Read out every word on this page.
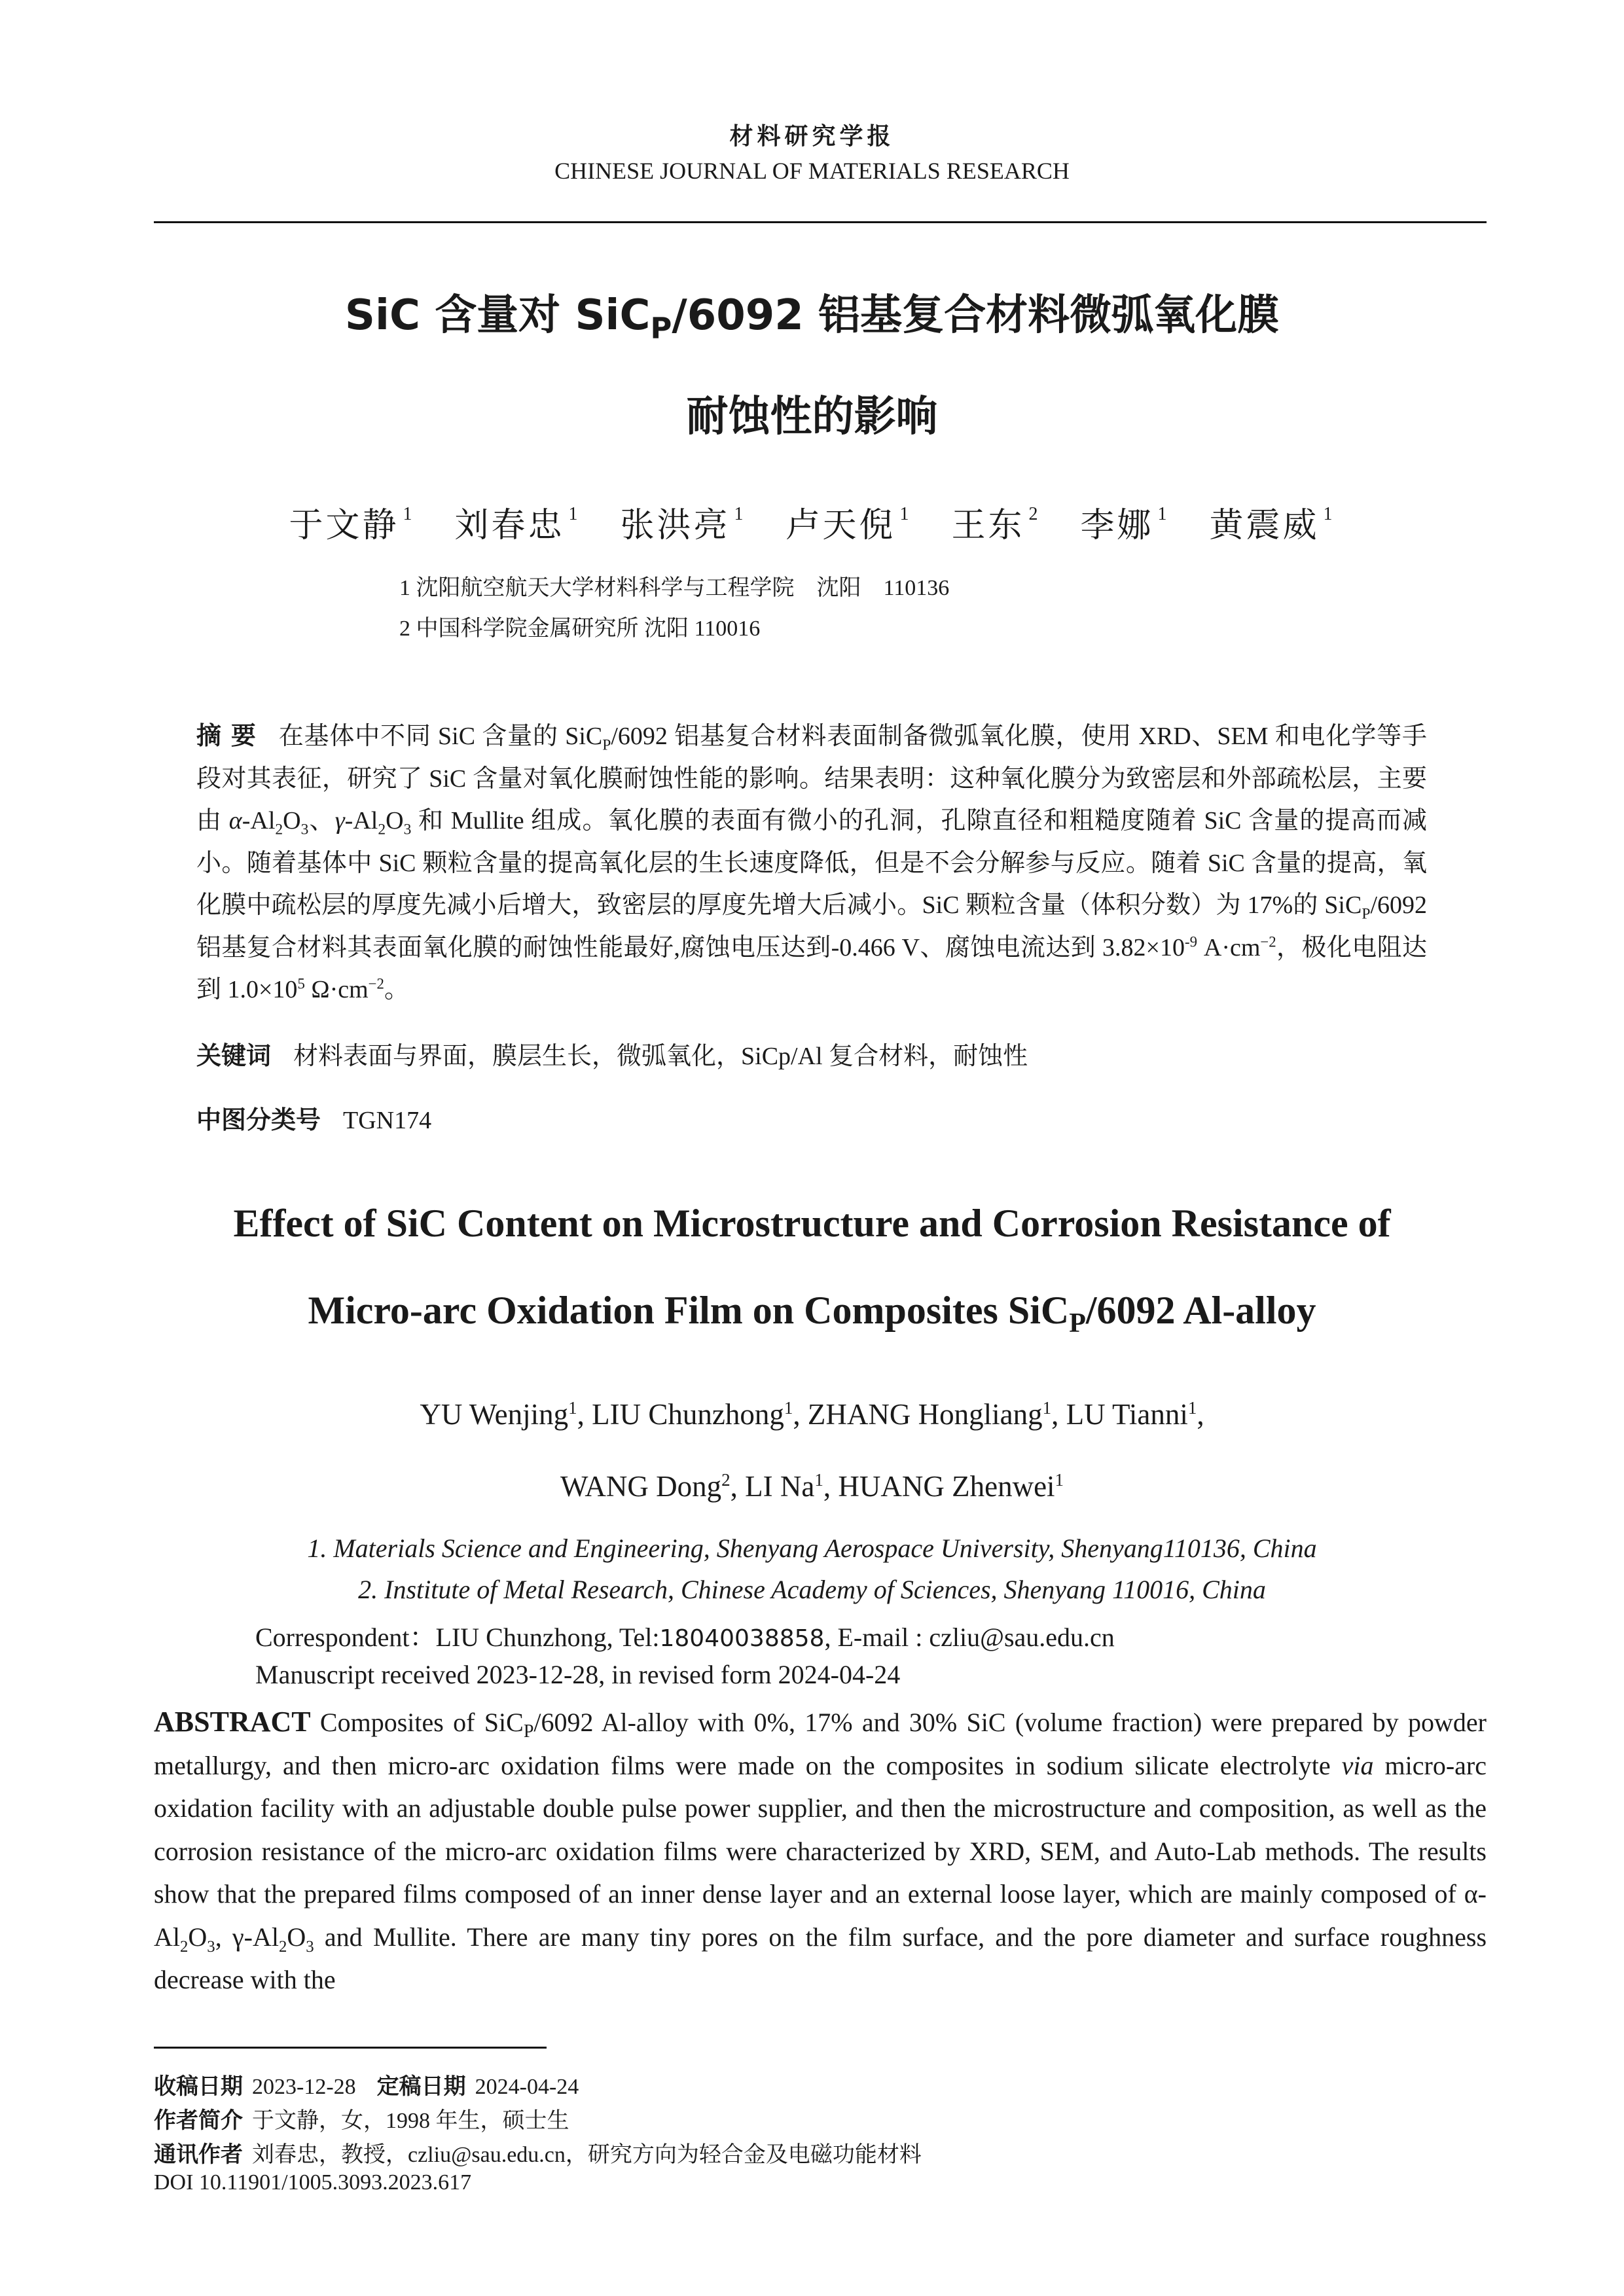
材料研究学报
CHINESE JOURNAL OF MATERIALS RESEARCH
SiC 含量对 SiC$_P$/6092 铝基复合材料微弧氧化膜
耐蚀性的影响
于文静 $^1$ 刘春忠 $^1$ 张洪亮 $^1$ 卢天倪 $^1$ 王东 $^2$ 李娜 $^1$ 黄震威 $^1$
1 沈阳航空航天大学材料科学与工程学院　沈阳　110136
2 中国科学院金属研究所 沈阳 110016
摘 要 在基体中不同 SiC 含量的 SiC$_P$/6092 铝基复合材料表面制备微弧氧化膜，使用 XRD、SEM 和电化学等手段对其表征，研究了 SiC 含量对氧化膜耐蚀性能的影响。结果表明：这种氧化膜分为致密层和外部疏松层，主要由 $\alpha-Al_2O_3$、$\gamma-Al_2O_3$ 和 Mullite 组成。氧化膜的表面有微小的孔洞，孔隙直径和粗糙度随着 SiC 含量的提高而减小。随着基体中 SiC 颗粒含量的提高氧化层的生长速度降低，但是不会分解参与反应。随着 SiC 含量的提高，氧化膜中疏松层的厚度先减小后增大，致密层的厚度先增大后减小。SiC 颗粒含量（体积分数）为 17%的 SiC$_P$/6092 铝基复合材料其表面氧化膜的耐蚀性能最好,腐蚀电压达到-0.466 V、腐蚀电流达到 $3.82\times 10^{-9}$ $A\cdot cm^{-2}$，极化电阻达到 $1.0\times 10^5$ $\Omega\cdot cm^{-2}$。
关键词 材料表面与界面，膜层生长，微弧氧化，SiCp/Al 复合材料，耐蚀性
中图分类号 TGN174
Effect of SiC Content on Microstructure and Corrosion Resistance of
Micro-arc Oxidation Film on Composites SiC$_P$/6092 Al-alloy
YU Wenjing$^1$, LIU Chunzhong$^1$, ZHANG Hongliang$^1$, LU Tianni$^1$,
WANG Dong$^2$, LI Na$^1$, HUANG Zhenwei$^1$
1. Materials Science and Engineering, Shenyang Aerospace University, Shenyang110136, China
2. Institute of Metal Research, Chinese Academy of Sciences, Shenyang 110016, China
Correspondent：LIU Chunzhong, Tel:18040038858, E-mail : czliu@sau.edu.cn
Manuscript received 2023-12-28, in revised form 2024-04-24
ABSTRACT Composites of SiC$_P$/6092 Al-alloy with 0%, 17% and 30% SiC (volume fraction) were prepared by powder metallurgy, and then micro-arc oxidation films were made on the composites in sodium silicate electrolyte via micro-arc oxidation facility with an adjustable double pulse power supplier, and then the microstructure and composition, as well as the corrosion resistance of the micro-arc oxidation films were characterized by XRD, SEM, and Auto-Lab methods. The results show that the prepared films composed of an inner dense layer and an external loose layer, which are mainly composed of $\alpha-Al_2O_3$, $\gamma-Al_2O_3$ and Mullite. There are many tiny pores on the film surface, and the pore diameter and surface roughness decrease with the
收稿日期 2023-12-28 定稿日期 2024-04-24
作者简介 于文静，女，1998 年生，硕士生
通讯作者 刘春忠，教授，czliu@sau.edu.cn，研究方向为轻合金及电磁功能材料
DOI 10.11901/1005.3093.2023.617
